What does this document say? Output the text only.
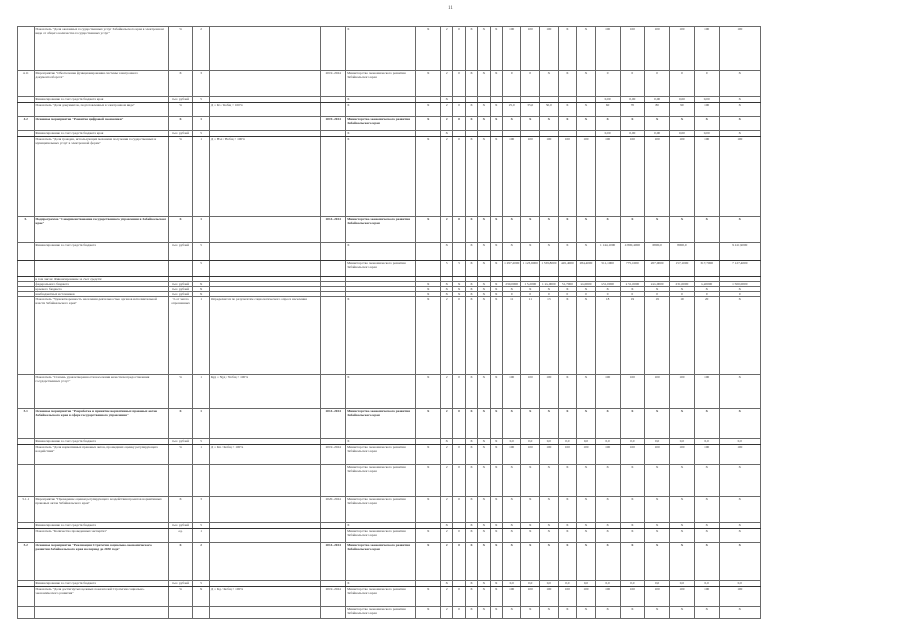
11
	Показатель "Доля оказанных государственных услуг Забайкальского края в электронном виде от общего количества государственных услуг"	%	2			X	X	2	0	X	X	X	100	100	100	X	X	100	100	100	100	100	100
4.11	Мероприятие "Обеспечение функционирования системы электронного документооборота"	X	3		2019–2024	Министерство экономического развития Забайкальского края	X	2	0	X	X	X	0	0	X	X	X	0	0	0	0	0	X
	Финансирование за счет средств бюджета края	тыс. рублей	5			X		X										0,00	0,00	0,00	0,00	0,00	X
	Показатель "Доля документов, подготовленных в электронном виде"	%		Д = Кэ / Кобщ × 100%		X	X	2	0	X	X	X	25,0	35,0	50,0	X	X	60	70	80	90	100	X
4.2	Основное мероприятие "Развитие цифровой экономики"	X	1		2019–2024	Министерство экономического развития Забайкальского края	X	2	0	X	X	X	X	X	X	X	X	X	X	X	X	X	X
	Финансирование за счет средств бюджета края	тыс. рублей	5			X		X										0,00	0,00	0,00	0,00	0,00	X
	Показатель "Доля граждан, использующих механизм получения государственных и муниципальных услуг в электронной форме"	%	1	Д = Нэл / Нобщ × 100%		X	X	2	0	X	X	X	100	100	100	100	100	100	100	100	100	100	100
5.	Подпрограмма "Совершенствование государственного управления в Забайкальском крае"	X	1		2014–2024	Министерство экономического развития Забайкальского края	X	2	0	X	X	X	X	X	X	X	X	X	X	X	X	X	X
	Финансирование за счет средств бюджета	тыс. рублей	5			X		X		X	X	X	X	X	X	X	X	1 144,1000	4 800,4000	6800,0	8000,0		9 411,9000
			5			Министерство экономического развития Забайкальского края		5	5	X	X	X	1 297,2000	1 123,6000	1 339,8000	445,4000	284,4000	511,1000	775,1000	207,0000	157,1000	317,7000	7 127,4000
	в том числе: Финансирование за счет средств:																						
	федерального бюджета	тыс. рублей	X				X	X	X	X	X	X	230,0000	1 5,2000	1 xx,0000	51,7000	xx,0000	x51,0000	x 51,0000	xxx,0000	231,0000	x,x0000	1 500,0000
	краевого бюджета	тыс. рублей	X				X	X	X	X	X	X	X	X	X	X	X	X	X	X	X	X	X
	внебюджетных источников	тыс. рублей	X				X	X	X	X	X	X	0	0	0	0	0	0	0	0	0	0	0
	Показатель "Удовлетворенность населения деятельностью органов исполнительной власти Забайкальского края"	% от числа опрошенных	1	Определяется по результатам социологического опроса населения		X	X	2	0	X	X	X	11	11	13	X	X	18	19	19	19	20	X
	Показатель "Степень удовлетворенности населения качеством предоставления государственных услуг"	%	1	Куд = Nуд / Nобщ × 100%		X	X	2	0	X	X	X	100	100	100	X	X	100	100	100	100	100	X
5.1	Основное мероприятие "Разработка и принятие нормативных правовых актов Забайкальского края в сфере государственного управления"	X	1		2014–2024	Министерство экономического развития Забайкальского края	X	2	0	X	X	X	X	X	X	X	X	X	X	X	X	X	X
	Финансирование за счет средств бюджета	тыс. рублей	5			X		X		X	X	X	0,0	0,0	0,0	0,0	0,0	0,0	0,0	0,0	0,0	0,0	0,0
	Показатель "Доля нормативных правовых актов, прошедших оценку регулирующего воздействия"	%	1	Д = Кп / Кобщ × 100%	2019–2024	Министерство экономического развития Забайкальского края	X	2	0	X	X	X	100	100	100	100	100	100	100	100	100	100	100
						Министерство экономического развития Забайкальского края	X	2	0	X	X	X	X	X	X	X	X	X	X	X	X	X	X
5.1.1	Мероприятие "Проведение оценки регулирующего воздействия проектов нормативных правовых актов Забайкальского края"	X	3		2020–2024	Министерство экономического развития Забайкальского края	X	2	0	X	X	X	X	X	X	X	X	X	X	X	X	X	X
	Финансирование за счет средств бюджета	тыс. рублей	5			X		X		X	X	X	X	X	X	X	X	X	X	X	X	X	X
	Показатель "Количество проведенных экспертиз"	ед.	1			Министерство экономического развития Забайкальского края	X	2	0	X	X	X	X	X	X	X	X	X	X	X	X	X	X
5.2	Основное мероприятие "Реализация Стратегии социально-экономического развития Забайкальского края на период до 2030 года"	X	2		2014–2024	Министерство экономического развития Забайкальского края	X	2	0	X	X	X	X	X	X	X	X	X	X	X	X	X	X
	Финансирование за счет средств бюджета	тыс. рублей	5			X		X		X	X	X	0,0	0,0	0,0	0,0	0,0	0,0	0,0	0,0	0,0	0,0	0,0
	Показатель "Доля достигнутых целевых показателей Стратегии социально-экономического развития"	%	X	Д = Кд / Кобщ × 100%	2019–2024	Министерство экономического развития Забайкальского края	X	2	0	X	X	X	100	100	100	100	100	100	100	100	100	100	100
						Министерство экономического развития Забайкальского края	X	2	0	X	X	X	X	X	X	X	X	X	X	X	X	X	X
